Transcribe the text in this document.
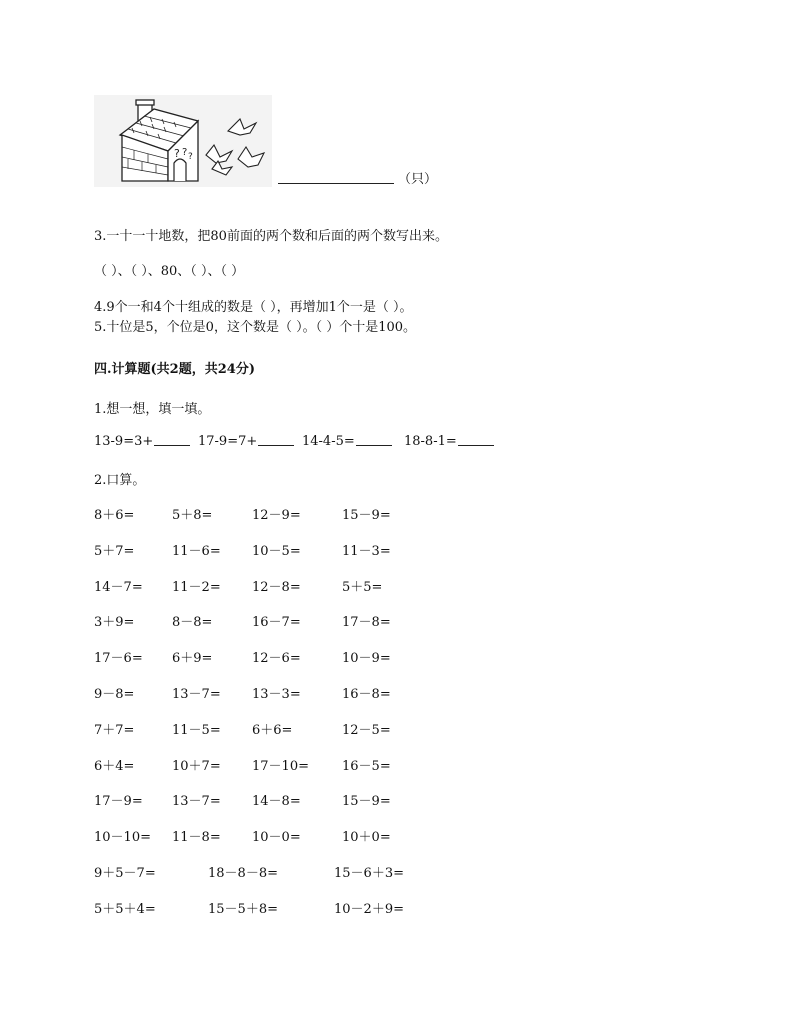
? ? ?
（只）
3.一十一十地数，把80前面的两个数和后面的两个数写出来。
（ ）、（ ）、80、（ ）、（ ）
4.9个一和4个十组成的数是（ ），再增加1个一是（ ）。
5.十位是5，个位是0，这个数是（ ）。（ ）个十是100。
四.计算题(共2题，共24分)
1.想一想，填一填。
13-9=3+	17-9=7+	14-4-5=	18-8-1=
2.口算。
8＋6=	5＋8=	12－9=	15－9=
5＋7=	11－6= 10－5=	11－3=
14－7= 11－2= 12－8=	5＋5=
3＋9=	8－8=	16－7=	17－8=
17－6= 6＋9=	12－6=	10－9=
9－8=	13－7= 13－3=	16－8=
7＋7=	11－5= 6＋6=	12－5=
6＋4=	10＋7= 17－10=	16－5=
17－9= 13－7= 14－8=	15－9=
10－10= 11－8= 10－0=	10＋0=
9＋5－7=	18－8－8=	15－6＋3=
5＋5＋4=	15－5＋8=	10－2＋9=
